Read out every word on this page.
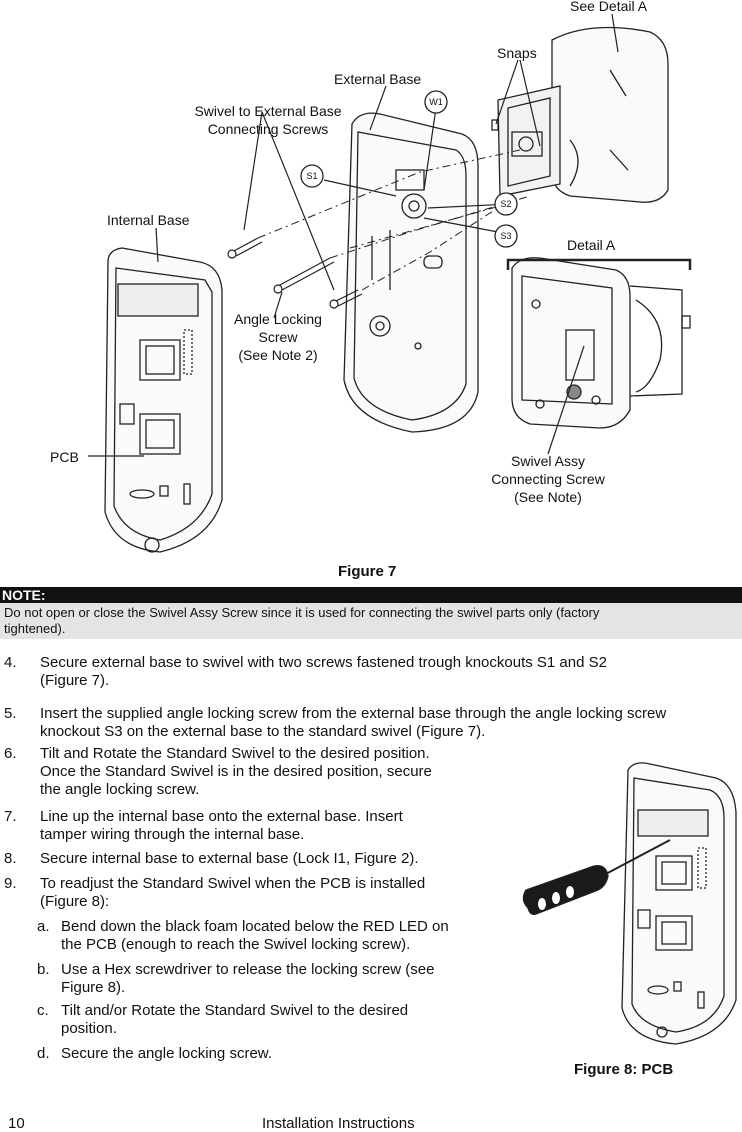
See Detail A
Snaps
External Base
Swivel to External Base
Connecting Screws
Internal Base
W1
S1
S2
S3
Detail A
Angle Locking
Screw
(See Note 2)
PCB	Swivel Assy
Connecting Screw
(See Note)
Figure 7
NOTE:
Do not open or close the Swivel Assy Screw since it is used for connecting the swivel parts only (factory tightened).
4. Secure external base to swivel with two screws fastened trough knockouts S1 and S2
(Figure 7).
5. Insert the supplied angle locking screw from the external base through the angle locking screw
knockout S3 on the external base to the standard swivel (Figure 7).
6. Tilt and Rotate the Standard Swivel to the desired position.
Once the Standard Swivel is in the desired position, secure
the angle locking screw.
7. Line up the internal base onto the external base. Insert
tamper wiring through the internal base.
8. Secure internal base to external base (Lock I1, Figure 2).
9. To readjust the Standard Swivel when the PCB is installed
(Figure 8):
a. Bend down the black foam located below the RED LED on
the PCB (enough to reach the Swivel locking screw).
b. Use a Hex screwdriver to release the locking screw (see
Figure 8).
c. Tilt and/or Rotate the Standard Swivel to the desired
position.
d. Secure the angle locking screw.
Figure 8: PCB
10	Installation Instructions
